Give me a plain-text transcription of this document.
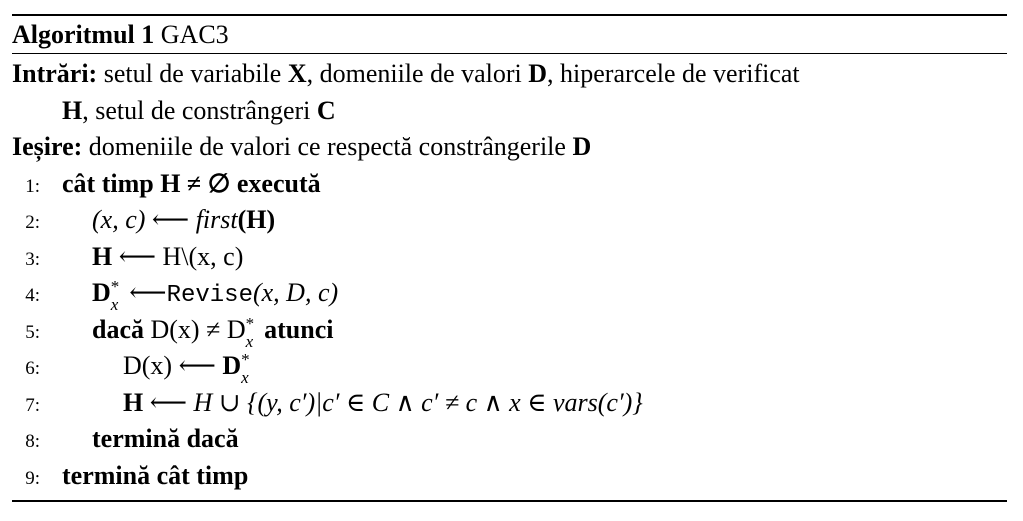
Algoritmul 1 GAC3
Intrări: setul de variabile X, domeniile de valori D, hiperarcele de verificat
H, setul de constrângeri C
Ieșire: domeniile de valori ce respectă constrângerile D
1: cât timp H ≠ ∅ execută
2: (x, c) ⟵ first(H)
3: H ⟵ H\(x, c)
4: D *
x ⟵Revise(x, D, c)
5: dacă D(x) ≠ D *
x atunci
6:	D(x) ⟵ D *
x
7:	H ⟵ H ∪ {(y, c′)|c′ ∈ C ∧ c′ ≠ c ∧ x ∈ vars(c′)}
8: termină dacă
9: termină cât timp
